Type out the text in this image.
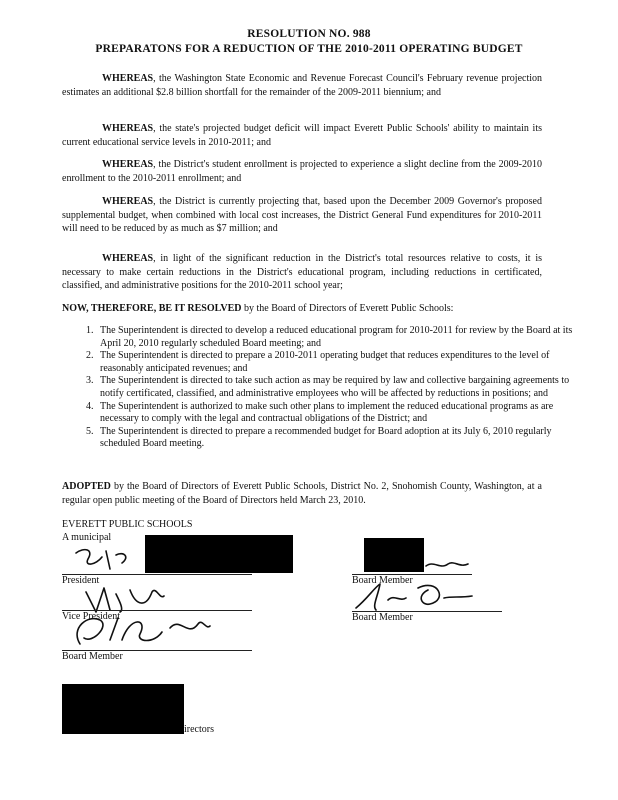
RESOLUTION NO. 988
PREPARATONS FOR A REDUCTION OF THE 2010-2011 OPERATING BUDGET
WHEREAS, the Washington State Economic and Revenue Forecast Council's February revenue projection estimates an additional $2.8 billion shortfall for the remainder of the 2009-2011 biennium; and
WHEREAS, the state's projected budget deficit will impact Everett Public Schools' ability to maintain its current educational service levels in 2010-2011; and
WHEREAS, the District's student enrollment is projected to experience a slight decline from the 2009-2010 enrollment to the 2010-2011 enrollment; and
WHEREAS, the District is currently projecting that, based upon the December 2009 Governor's proposed supplemental budget, when combined with local cost increases, the District General Fund expenditures for 2010-2011 will need to be reduced by as much as $7 million; and
WHEREAS, in light of the significant reduction in the District's total resources relative to costs, it is necessary to make certain reductions in the District's educational program, including reductions in certificated, classified, and administrative positions for the 2010-2011 school year;
NOW, THEREFORE, BE IT RESOLVED by the Board of Directors of Everett Public Schools:
1. The Superintendent is directed to develop a reduced educational program for 2010-2011 for review by the Board at its April 20, 2010 regularly scheduled Board meeting; and
2. The Superintendent is directed to prepare a 2010-2011 operating budget that reduces expenditures to the level of reasonably anticipated revenues; and
3. The Superintendent is directed to take such action as may be required by law and collective bargaining agreements to notify certificated, classified, and administrative employees who will be affected by reductions in positions; and
4. The Superintendent is authorized to make such other plans to implement the reduced educational programs as are necessary to comply with the legal and contractual obligations of the District; and
5. The Superintendent is directed to prepare a recommended budget for Board adoption at its July 6, 2010 regularly scheduled Board meeting.
ADOPTED by the Board of Directors of Everett Public Schools, District No. 2, Snohomish County, Washington, at a regular open public meeting of the Board of Directors held March 23, 2010.
EVERETT PUBLIC SCHOOLS
A municipal
President	Board Member
Vice President	Board Member
Board Member
irectors
